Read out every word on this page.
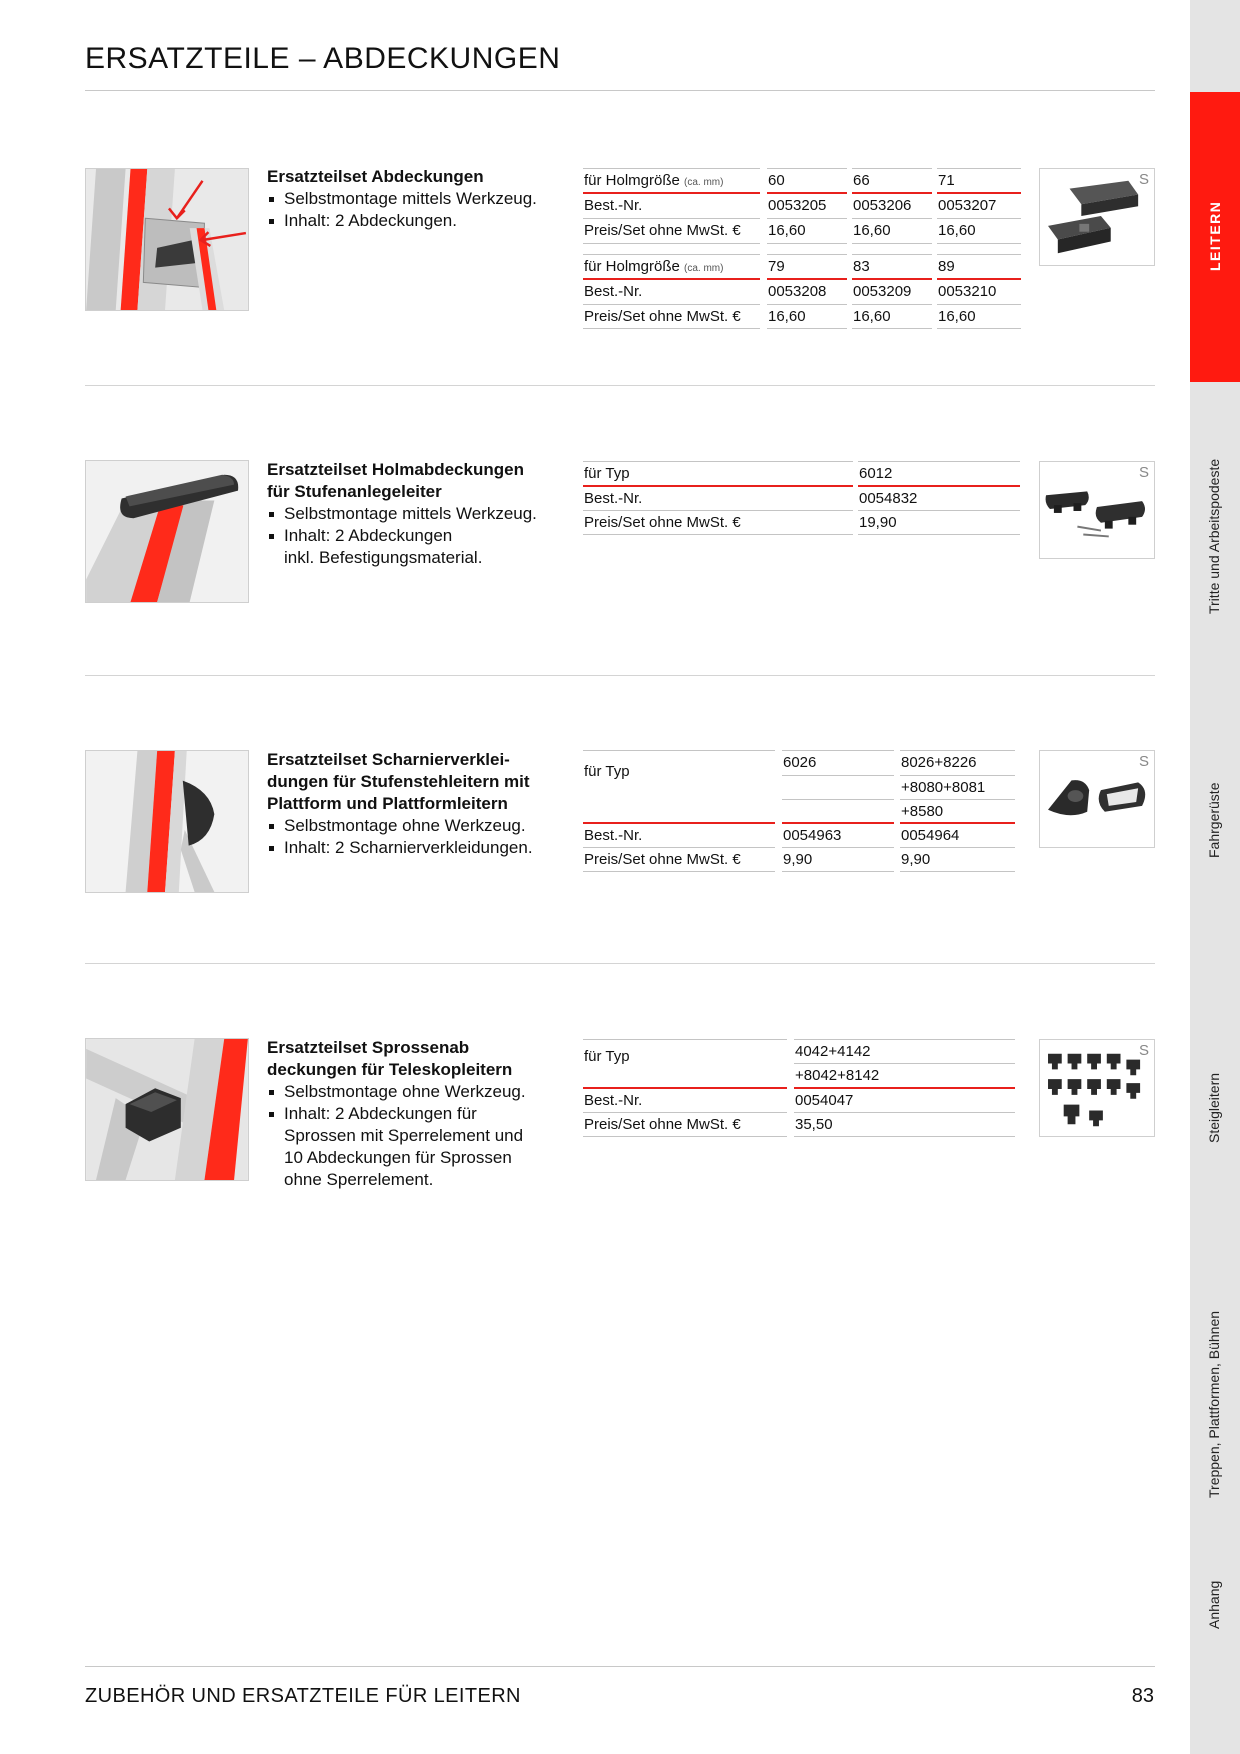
ERSATZTEILE – ABDECKUNGEN
LEITERN
Tritte und Arbeitspodeste
Fahrgerüste
Steigleitern
Treppen, Plattformen, Bühnen
Anhang
Ersatzteilset Abdeckungen
Selbstmontage mittels Werkzeug.
Inhalt: 2 Abdeckungen.
für Holmgröße (ca. mm)	60	66	71
Best.-Nr.	0053205 0053206 0053207
Preis/Set ohne MwSt. € 16,60	16,60	16,60
für Holmgröße (ca. mm)	79	83	89
Best.-Nr.	0053208 0053209 0053210
Preis/Set ohne MwSt. € 16,60	16,60	16,60
S
Ersatzteilset Holmabdeckungen
für Stufenanlegeleiter
Selbstmontage mittels Werkzeug.
Inhalt: 2 Abdeckungen
inkl. Befestigungsmaterial.
für Typ	6012
Best.-Nr.	0054832
Preis/Set ohne MwSt. €	19,90
S
Ersatzteilset Scharnierverklei-
dungen für Stufenstehleitern mit
Plattform und Plattformleitern
Selbstmontage ohne Werkzeug.
Inhalt: 2 Scharnierverkleidungen.
für Typ
6026	8026+8226
+8080+8081
+8580
Best.-Nr.	0054963	0054964
Preis/Set ohne MwSt. €	9,90	9,90
S
Ersatzteilset Sprossenab
deckungen für Teleskopleitern
Selbstmontage ohne Werkzeug.
Inhalt: 2 Abdeckungen für
Sprossen mit Sperrelement und
10 Abdeckungen für Sprossen
ohne Sperrelement.
für Typ	4042+4142
+8042+8142
Best.-Nr.	0054047
Preis/Set ohne MwSt. €	35,50
S
ZUBEHÖR UND ERSATZTEILE FÜR LEITERN	83
